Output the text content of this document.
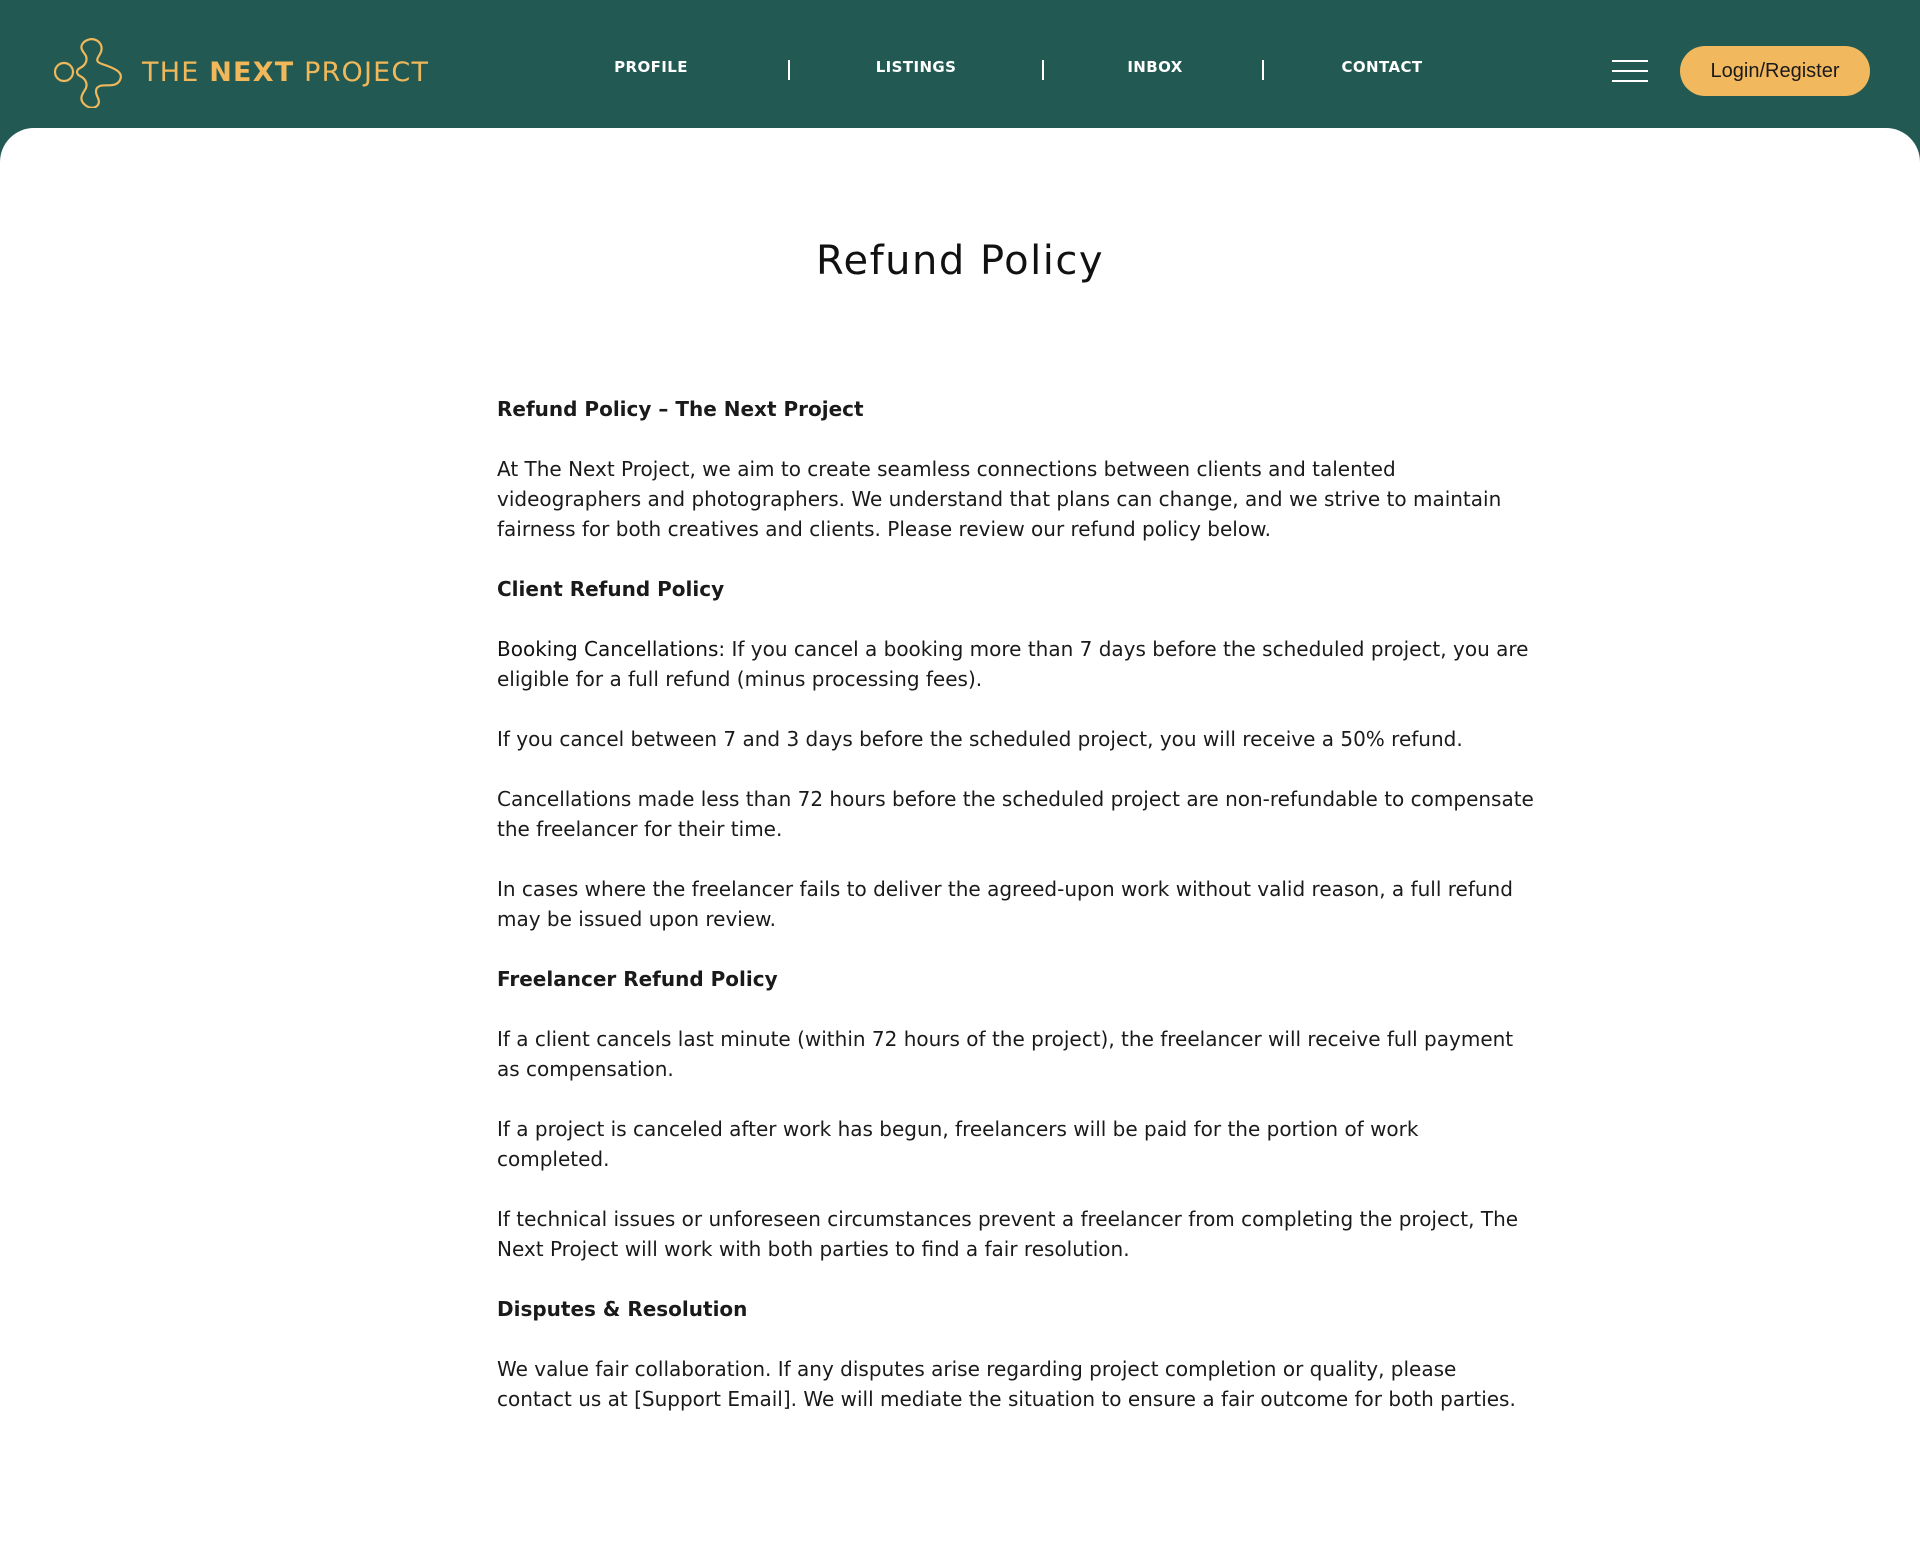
THE NEXT PROJECT	PROFILE	LISTINGS	INBOX	CONTACT	Login/Register
Refund Policy

Refund Policy – The Next Project

At The Next Project, we aim to create seamless connections between clients and talented videographers and photographers. We understand that plans can change, and we strive to maintain fairness for both creatives and clients. Please review our refund policy below.

Client Refund Policy

Booking Cancellations: If you cancel a booking more than 7 days before the scheduled project, you are eligible for a full refund (minus processing fees).

If you cancel between 7 and 3 days before the scheduled project, you will receive a 50% refund.

Cancellations made less than 72 hours before the scheduled project are non-refundable to compensate the freelancer for their time.

In cases where the freelancer fails to deliver the agreed-upon work without valid reason, a full refund may be issued upon review.

Freelancer Refund Policy

If a client cancels last minute (within 72 hours of the project), the freelancer will receive full payment as compensation.

If a project is canceled after work has begun, freelancers will be paid for the portion of work completed.

If technical issues or unforeseen circumstances prevent a freelancer from completing the project, The Next Project will work with both parties to find a fair resolution.

Disputes & Resolution

We value fair collaboration. If any disputes arise regarding project completion or quality, please contact us at [Support Email]. We will mediate the situation to ensure a fair outcome for both parties.
